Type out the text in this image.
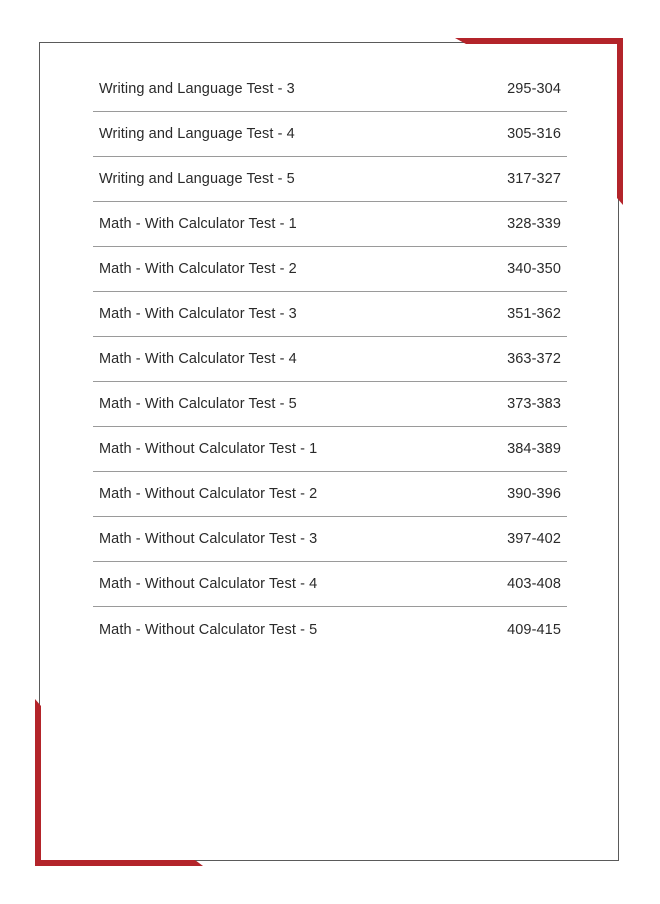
Writing and Language Test - 3	295-304
Writing and Language Test - 4	305-316
Writing and Language Test - 5	317-327
Math - With Calculator Test - 1	328-339
Math - With Calculator Test - 2	340-350
Math - With Calculator Test - 3	351-362
Math - With Calculator Test - 4	363-372
Math - With Calculator Test - 5	373-383
Math - Without Calculator Test - 1	384-389
Math - Without Calculator Test - 2	390-396
Math - Without Calculator Test - 3	397-402
Math - Without Calculator Test - 4	403-408
Math - Without Calculator Test - 5	409-415
